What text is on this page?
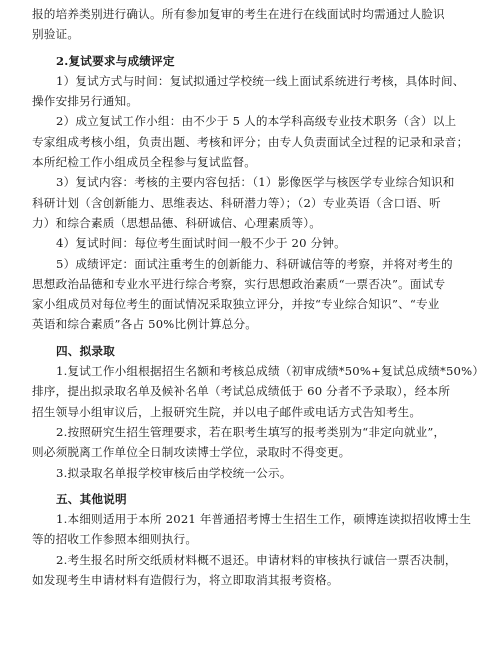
报的培养类别进行确认。所有参加复审的考生在进行在线面试时均需通过人脸识
别验证。
2.复试要求与成绩评定
1）复试方式与时间：复试拟通过学校统一线上面试系统进行考核，具体时间、
操作安排另行通知。
2）成立复试工作小组：由不少于 5 人的本学科高级专业技术职务（含）以上
专家组成考核小组，负责出题、考核和评分；由专人负责面试全过程的记录和录音；
本所纪检工作小组成员全程参与复试监督。
3）复试内容：考核的主要内容包括：（1）影像医学与核医学专业综合知识和
科研计划（含创新能力、思维表达、科研潜力等）；（2）专业英语（含口语、听
力）和综合素质（思想品德、科研诚信、心理素质等）。
4）复试时间：每位考生面试时间一般不少于 20 分钟。
5）成绩评定：面试注重考生的创新能力、科研诚信等的考察，并将对考生的
思想政治品德和专业水平进行综合考察，实行思想政治素质“一票否决”。面试专
家小组成员对每位考生的面试情况采取独立评分，并按“专业综合知识”、“专业
英语和综合素质”各占 50%比例计算总分。
四、拟录取
1.复试工作小组根据招生名额和考核总成绩（初审成绩*50%+复试总成绩*50%）
排序，提出拟录取名单及候补名单（考试总成绩低于 60 分者不予录取），经本所
招生领导小组审议后，上报研究生院，并以电子邮件或电话方式告知考生。
2.按照研究生招生管理要求，若在职考生填写的报考类别为“非定向就业”，
则必须脱离工作单位全日制攻读博士学位，录取时不得变更。
3.拟录取名单报学校审核后由学校统一公示。
五、其他说明
1.本细则适用于本所 2021 年普通招考博士生招生工作，硕博连读拟招收博士生
等的招收工作参照本细则执行。
2.考生报名时所交纸质材料概不退还。申请材料的审核执行诚信一票否决制，
如发现考生申请材料有造假行为，将立即取消其报考资格。
